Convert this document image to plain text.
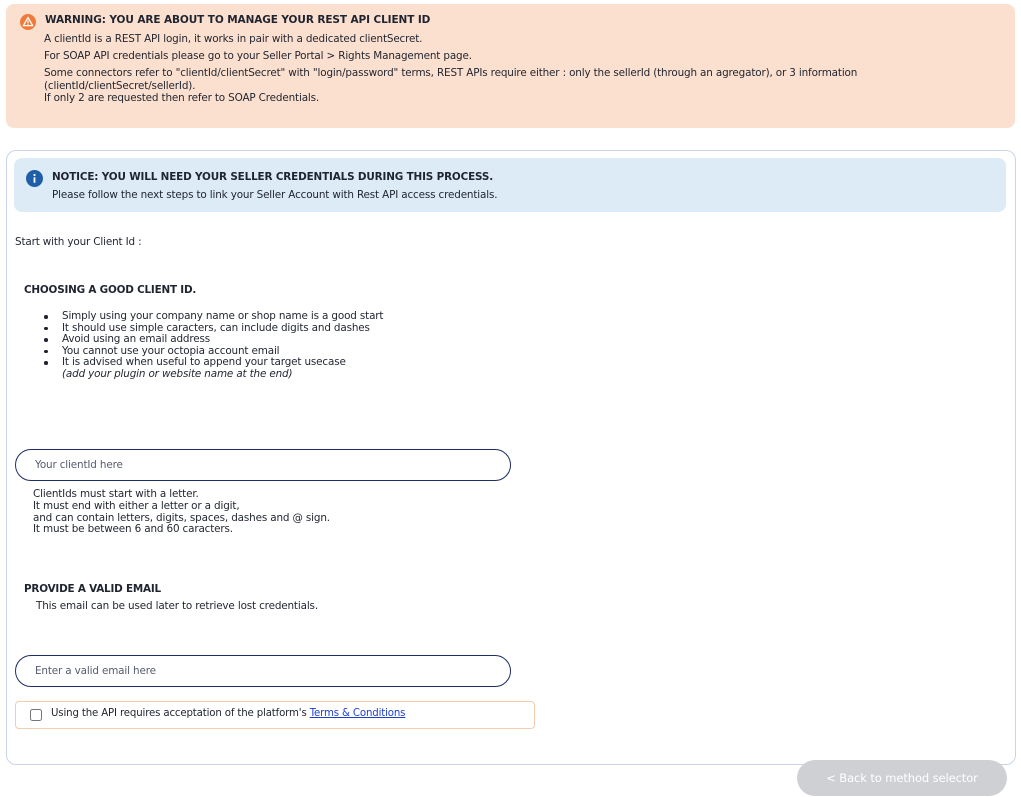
WARNING: YOU ARE ABOUT TO MANAGE YOUR REST API CLIENT ID
A clientId is a REST API login, it works in pair with a dedicated clientSecret.
For SOAP API credentials please go to your Seller Portal > Rights Management page.
Some connectors refer to "clientId/clientSecret" with "login/password" terms, REST APIs require either : only the sellerId (through an agregator), or 3 information
(clientId/clientSecret/sellerId).
If only 2 are requested then refer to SOAP Credentials.
NOTICE: YOU WILL NEED YOUR SELLER CREDENTIALS DURING THIS PROCESS.
Please follow the next steps to link your Seller Account with Rest API access credentials.
Start with your Client Id :
CHOOSING A GOOD CLIENT ID.
Simply using your company name or shop name is a good start
It should use simple caracters, can include digits and dashes
Avoid using an email address
You cannot use your octopia account email
It is advised when useful to append your target usecase
(add your plugin or website name at the end)
Your clientId here
ClientIds must start with a letter.
It must end with either a letter or a digit,
and can contain letters, digits, spaces, dashes and @ sign.
It must be between 6 and 60 caracters.
PROVIDE A VALID EMAIL
This email can be used later to retrieve lost credentials.
Enter a valid email here
Using the API requires acceptation of the platform's Terms & Conditions
< Back to method selector
